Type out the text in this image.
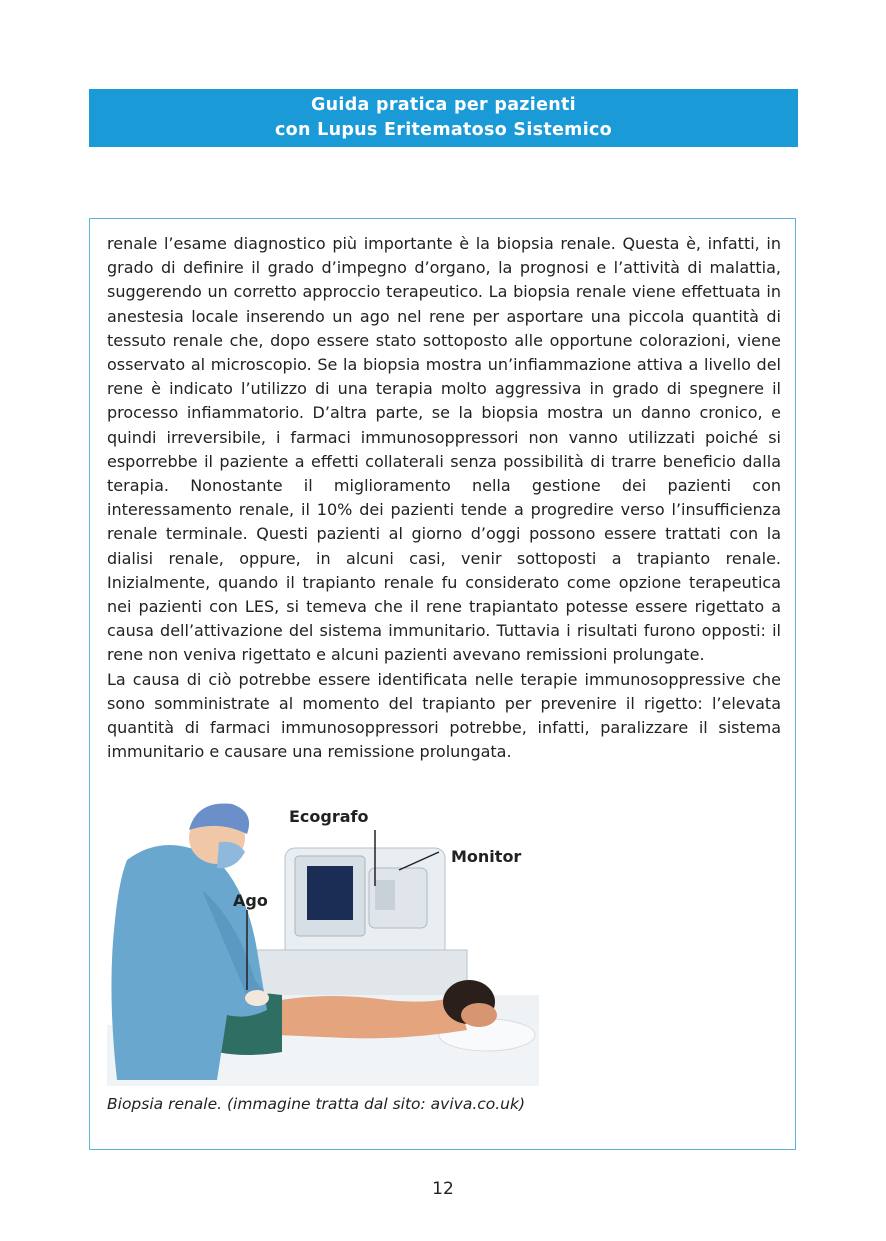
Guida pratica per pazienti
con Lupus Eritematoso Sistemico

renale l’esame diagnostico più importante è la biopsia renale. Questa è, infatti, in grado di definire il grado d’impegno d’organo, la prognosi e l’attività di malattia, suggerendo un corretto approccio terapeutico. La biopsia renale viene effettuata in anestesia locale inserendo un ago nel rene per asportare una piccola quantità di tessuto renale che, dopo essere stato sottoposto alle opportune colorazioni, viene osservato al microscopio. Se la biopsia mostra un’infiammazione attiva a livello del rene è indicato l’utilizzo di una terapia molto aggressiva in grado di spegnere il processo infiammatorio. D’altra parte, se la biopsia mostra un danno cronico, e quindi irreversibile, i farmaci immunosoppressori non vanno utilizzati poiché si esporrebbe il paziente a effetti collaterali senza possibilità di trarre beneficio dalla terapia. Nonostante il miglioramento nella gestione dei pazienti con interessamento renale, il 10% dei pazienti tende a progredire verso l’insufficienza renale terminale. Questi pazienti al giorno d’oggi possono essere trattati con la dialisi renale, oppure, in alcuni casi, venir sottoposti a trapianto renale. Inizialmente, quando il trapianto renale fu considerato come opzione terapeutica nei pazienti con LES, si temeva che il rene trapiantato potesse essere rigettato a causa dell’attivazione del sistema immunitario. Tuttavia i risultati furono opposti: il rene non veniva rigettato e alcuni pazienti avevano remissioni prolungate.

La causa di ciò potrebbe essere identificata nelle terapie immunosoppressive che sono somministrate al momento del trapianto per prevenire il rigetto: l’elevata quantità di farmaci immunosoppressori potrebbe, infatti, paralizzare il sistema immunitario e causare una remissione prolungata.

Ecografo
Monitor
Ago
Biopsia renale. (immagine tratta dal sito: aviva.co.uk)
12
